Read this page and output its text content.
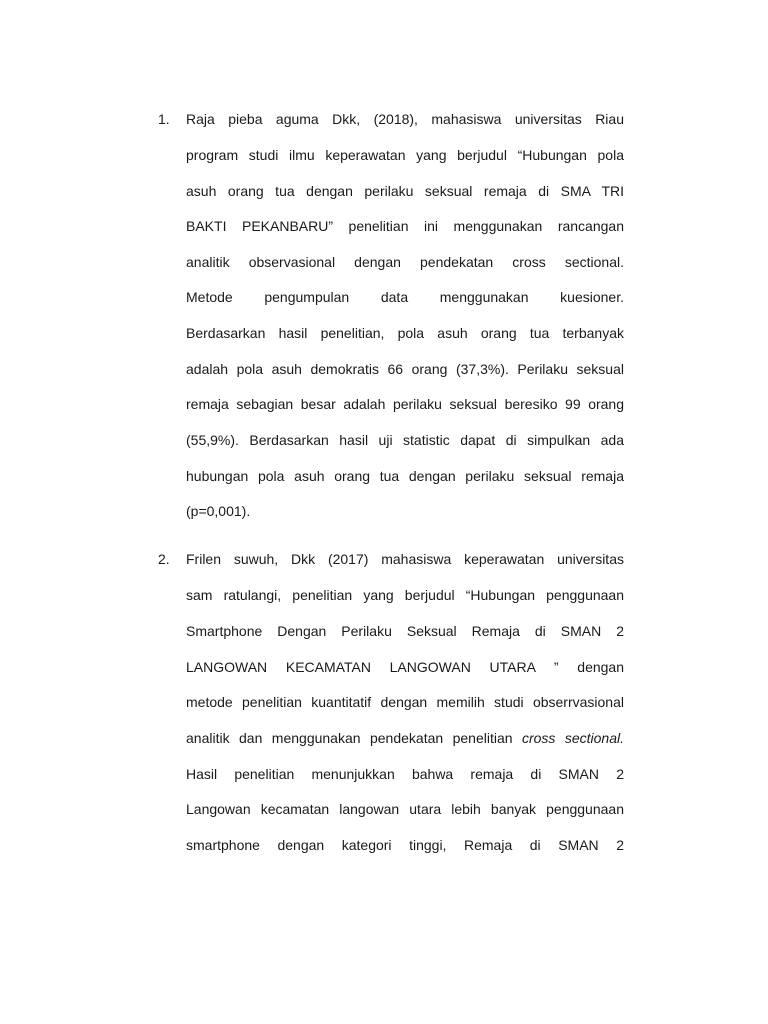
1. Raja pieba aguma Dkk, (2018), mahasiswa universitas Riau
program studi ilmu keperawatan yang berjudul “Hubungan pola
asuh orang tua dengan perilaku seksual remaja di SMA TRI
BAKTI PEKANBARU” penelitian ini menggunakan rancangan
analitik observasional dengan pendekatan cross sectional.
Metode pengumpulan data menggunakan kuesioner.
Berdasarkan hasil penelitian, pola asuh orang tua terbanyak
adalah pola asuh demokratis 66 orang (37,3%). Perilaku seksual
remaja sebagian besar adalah perilaku seksual beresiko 99 orang
(55,9%). Berdasarkan hasil uji statistic dapat di simpulkan ada
hubungan pola asuh orang tua dengan perilaku seksual remaja
(p=0,001).
2. Frilen suwuh, Dkk (2017) mahasiswa keperawatan universitas
sam ratulangi, penelitian yang berjudul “Hubungan penggunaan
Smartphone Dengan Perilaku Seksual Remaja di SMAN 2
LANGOWAN KECAMATAN LANGOWAN UTARA ” dengan
metode penelitian kuantitatif dengan memilih studi obserrvasional
analitik dan menggunakan pendekatan penelitian cross sectional.
Hasil penelitian menunjukkan bahwa remaja di SMAN 2
Langowan kecamatan langowan utara lebih banyak penggunaan
smartphone dengan kategori tinggi, Remaja di SMAN 2
